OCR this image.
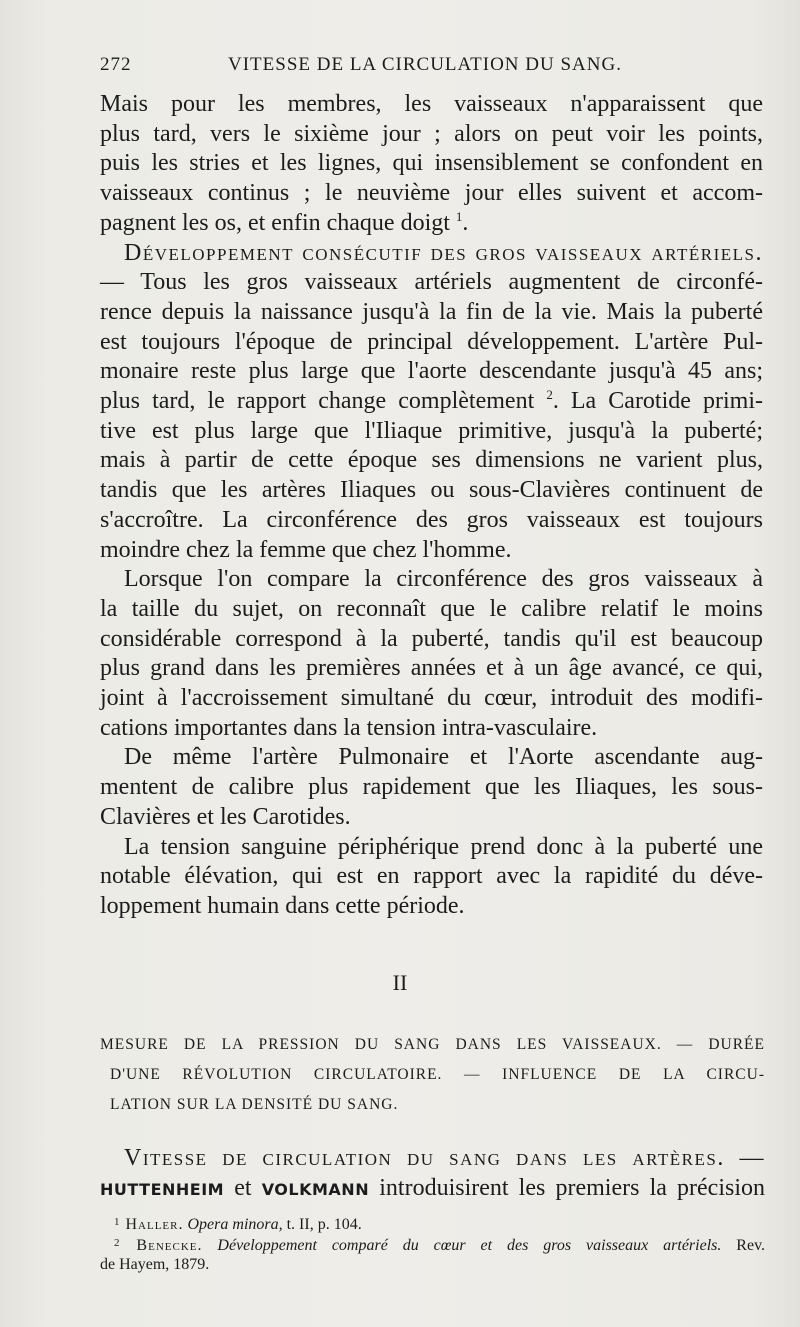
272	VITESSE DE LA CIRCULATION DU SANG.

Mais pour les membres, les vaisseaux n'apparaissent que
plus tard, vers le sixième jour ; alors on peut voir les points,
puis les stries et les lignes, qui insensiblement se confondent en
vaisseaux continus ; le neuvième jour elles suivent et accom-
pagnent les os, et enfin chaque doigt $^1$.

Développement consécutif des gros vaisseaux artériels.
— Tous les gros vaisseaux artériels augmentent de circonfé-
rence depuis la naissance jusqu'à la fin de la vie. Mais la puberté
est toujours l'époque de principal développement. L'artère Pul-
monaire reste plus large que l'aorte descendante jusqu'à 45 ans;
plus tard, le rapport change complètement $^2$. La Carotide primi-
tive est plus large que l'Iliaque primitive, jusqu'à la puberté;
mais à partir de cette époque ses dimensions ne varient plus,
tandis que les artères Iliaques ou sous-Clavières continuent de
s'accroître. La circonférence des gros vaisseaux est toujours
moindre chez la femme que chez l'homme.

Lorsque l'on compare la circonférence des gros vaisseaux à
la taille du sujet, on reconnaît que le calibre relatif le moins
considérable correspond à la puberté, tandis qu'il est beaucoup
plus grand dans les premières années et à un âge avancé, ce qui,
joint à l'accroissement simultané du cœur, introduit des modifi-
cations importantes dans la tension intra-vasculaire.

De même l'artère Pulmonaire et l'Aorte ascendante aug-
mentent de calibre plus rapidement que les Iliaques, les sous-
Clavières et les Carotides.

La tension sanguine périphérique prend donc à la puberté une
notable élévation, qui est en rapport avec la rapidité du déve-
loppement humain dans cette période.

II
MESURE DE LA PRESSION DU SANG DANS LES VAISSEAUX. — DURÉE
D'UNE RÉVOLUTION CIRCULATOIRE. — INFLUENCE DE LA CIRCU-
LATION SUR LA DENSITÉ DU SANG.
Vitesse de circulation du sang dans les artères. —
HUTTENHEIM et VOLKMANN introduisirent les premiers la précision
$^1$ Haller. Opera minora, t. II, p. 104.
$^2$ Benecke. Développement comparé du cœur et des gros vaisseaux artériels. Rev.
de Hayem, 1879.
